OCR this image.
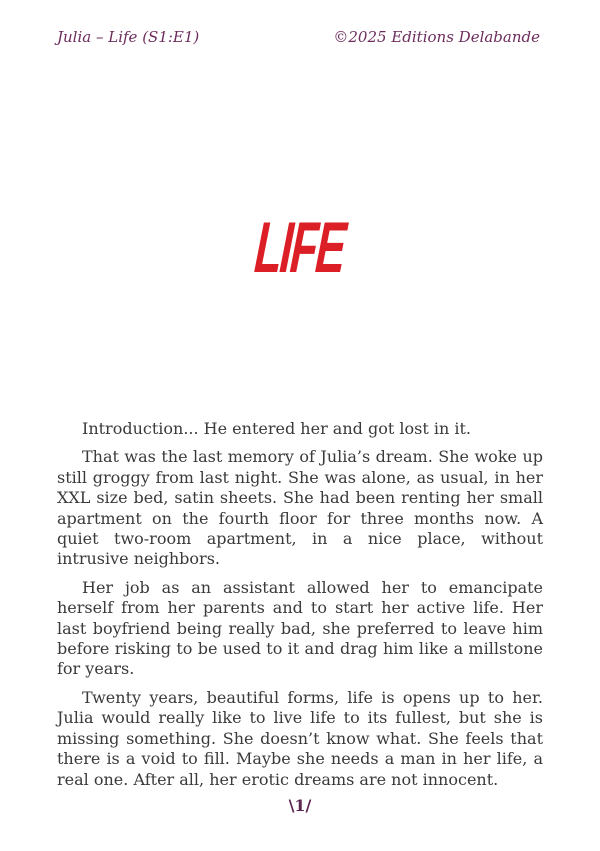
Julia – Life (S1:E1)	©2025 Editions Delabande
LIFE

Introduction... He entered her and got lost in it.

That was the last memory of Julia’s dream. She woke up still groggy from last night. She was alone, as usual, in her XXL size bed, satin sheets. She had been renting her small apartment on the fourth floor for three months now. A quiet two-room apartment, in a nice place, without intrusive neighbors.

Her job as an assistant allowed her to emancipate herself from her parents and to start her active life. Her last boyfriend being really bad, she preferred to leave him before risking to be used to it and drag him like a millstone for years.

Twenty years, beautiful forms, life is opens up to her. Julia would really like to live life to its fullest, but she is missing something. She doesn’t know what. She feels that there is a void to fill. Maybe she needs a man in her life, a real one. After all, her erotic dreams are not innocent.

\1/
